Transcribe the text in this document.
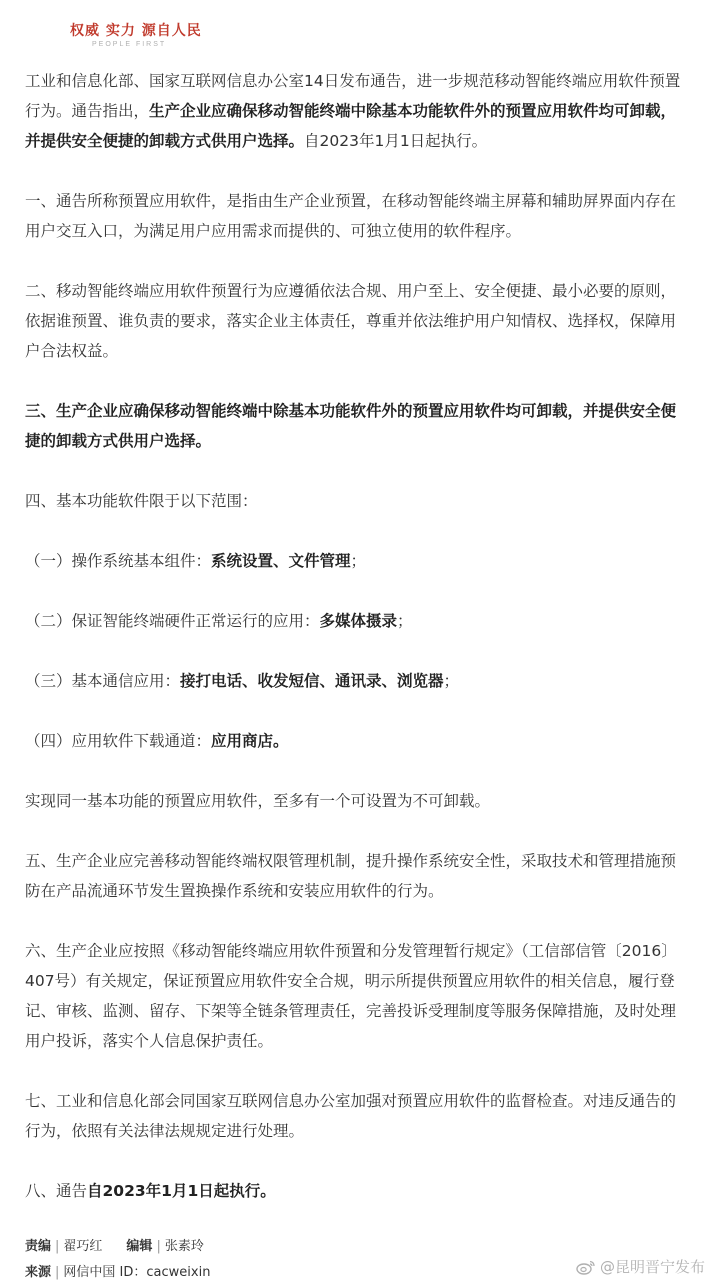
权威 实力 源自人民
PEOPLE FIRST

工业和信息化部、国家互联网信息办公室14日发布通告，进一步规范移动智能终端应用软件预置行为。通告指出，生产企业应确保移动智能终端中除基本功能软件外的预置应用软件均可卸载，并提供安全便捷的卸载方式供用户选择。自2023年1月1日起执行。

一、通告所称预置应用软件，是指由生产企业预置，在移动智能终端主屏幕和辅助屏界面内存在用户交互入口，为满足用户应用需求而提供的、可独立使用的软件程序。

二、移动智能终端应用软件预置行为应遵循依法合规、用户至上、安全便捷、最小必要的原则，依据谁预置、谁负责的要求，落实企业主体责任，尊重并依法维护用户知情权、选择权，保障用户合法权益。

三、生产企业应确保移动智能终端中除基本功能软件外的预置应用软件均可卸载，并提供安全便捷的卸载方式供用户选择。

四、基本功能软件限于以下范围：

（一）操作系统基本组件：系统设置、文件管理；

（二）保证智能终端硬件正常运行的应用：多媒体摄录；

（三）基本通信应用：接打电话、收发短信、通讯录、浏览器；

（四）应用软件下载通道：应用商店。

实现同一基本功能的预置应用软件，至多有一个可设置为不可卸载。

五、生产企业应完善移动智能终端权限管理机制，提升操作系统安全性，采取技术和管理措施预防在产品流通环节发生置换操作系统和安装应用软件的行为。

六、生产企业应按照《移动智能终端应用软件预置和分发管理暂行规定》（工信部信管〔2016〕407号）有关规定，保证预置应用软件安全合规，明示所提供预置应用软件的相关信息，履行登记、审核、监测、留存、下架等全链条管理责任，完善投诉受理制度等服务保障措施，及时处理用户投诉，落实个人信息保护责任。

七、工业和信息化部会同国家互联网信息办公室加强对预置应用软件的监督检查。对违反通告的行为，依照有关法律法规规定进行处理。

八、通告自2023年1月1日起执行。

责编 | 翟巧红 编辑 | 张素玲
来源 | 网信中国 ID：cacweixin	@昆明晋宁发布
